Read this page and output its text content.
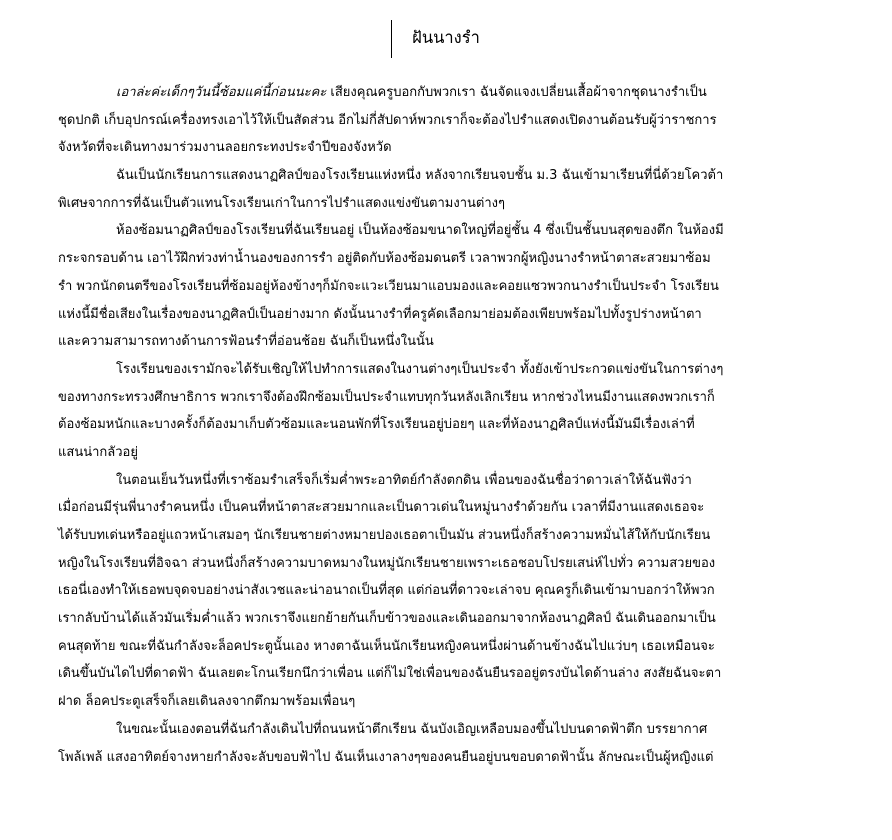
ฝันนางรำ
เอาล่ะค่ะเด็กๆวันนี้ซ้อมแค่นี้ก่อนนะคะ เสียงคุณครูบอกกับพวกเรา ฉันจัดแจงเปลี่ยนเสื้อผ้าจากชุดนางรำเป็น
ชุดปกติ เก็บอุปกรณ์เครื่องทรงเอาไว้ให้เป็นสัดส่วน อีกไม่กี่สัปดาห์พวกเราก็จะต้องไปรำแสดงเปิดงานต้อนรับผู้ว่าราชการ
จังหวัดที่จะเดินทางมาร่วมงานลอยกระทงประจำปีของจังหวัด
ฉันเป็นนักเรียนการแสดงนาฏศิลป์ของโรงเรียนแห่งหนึ่ง หลังจากเรียนจบชั้น ม.3 ฉันเข้ามาเรียนที่นี่ด้วยโควต้า
พิเศษจากการที่ฉันเป็นตัวแทนโรงเรียนเก่าในการไปรำแสดงแข่งขันตามงานต่างๆ
ห้องซ้อมนาฏศิลป์ของโรงเรียนที่ฉันเรียนอยู่ เป็นห้องซ้อมขนาดใหญ่ที่อยู่ชั้น 4 ซึ่งเป็นชั้นบนสุดของตึก ในห้องมี
กระจกรอบด้าน เอาไว้ฝึกท่วงท่าน้ำนองของการรำ อยู่ติดกับห้องซ้อมดนตรี เวลาพวกผู้หญิงนางรำหน้าตาสะสวยมาซ้อม
รำ พวกนักดนตรีของโรงเรียนที่ซ้อมอยู่ห้องข้างๆก็มักจะแวะเวียนมาแอบมองและคอยแซวพวกนางรำเป็นประจำ โรงเรียน
แห่งนี้มีชื่อเสียงในเรื่องของนาฏศิลป์เป็นอย่างมาก ดังนั้นนางรำที่ครูคัดเลือกมาย่อมต้องเพียบพร้อมไปทั้งรูปร่างหน้าตา
และความสามารถทางด้านการฟ้อนรำที่อ่อนช้อย ฉันก็เป็นหนึ่งในนั้น
โรงเรียนของเรามักจะได้รับเชิญให้ไปทำการแสดงในงานต่างๆเป็นประจำ ทั้งยังเข้าประกวดแข่งขันในการต่างๆ
ของทางกระทรวงศึกษาธิการ พวกเราจึงต้องฝึกซ้อมเป็นประจำแทบทุกวันหลังเลิกเรียน หากช่วงไหนมีงานแสดงพวกเราก็
ต้องซ้อมหนักและบางครั้งก็ต้องมาเก็บตัวซ้อมและนอนพักที่โรงเรียนอยู่บ่อยๆ และที่ห้องนาฏศิลป์แห่งนี้มันมีเรื่องเล่าที่
แสนน่ากลัวอยู่
ในตอนเย็นวันหนึ่งที่เราซ้อมรำเสร็จก็เริ่มค่ำพระอาทิตย์กำลังตกดิน เพื่อนของฉันชื่อว่าดาวเล่าให้ฉันฟังว่า
เมื่อก่อนมีรุ่นพี่นางรำคนหนึ่ง เป็นคนที่หน้าตาสะสวยมากและเป็นดาวเด่นในหมู่นางรำด้วยกัน เวลาที่มีงานแสดงเธอจะ
ได้รับบทเด่นหรืออยู่แถวหน้าเสมอๆ นักเรียนชายต่างหมายปองเธอตาเป็นมัน ส่วนหนึ่งก็สร้างความหมั่นไส้ให้กับนักเรียน
หญิงในโรงเรียนที่อิจฉา ส่วนหนึ่งก็สร้างความบาดหมางในหมู่นักเรียนชายเพราะเธอชอบโปรยเสน่ห์ไปทั่ว ความสวยของ
เธอนี่เองทำให้เธอพบจุดจบอย่างน่าสังเวชและน่าอนาถเป็นที่สุด แต่ก่อนที่ดาวจะเล่าจบ คุณครูก็เดินเข้ามาบอกว่าให้พวก
เรากลับบ้านได้แล้วมันเริ่มค่ำแล้ว พวกเราจึงแยกย้ายกันเก็บข้าวของและเดินออกมาจากห้องนาฏศิลป์ ฉันเดินออกมาเป็น
คนสุดท้าย ขณะที่ฉันกำลังจะล็อคประตูนั้นเอง หางตาฉันเห็นนักเรียนหญิงคนหนึ่งผ่านด้านข้างฉันไปแว่บๆ เธอเหมือนจะ
เดินขึ้นบันไดไปที่ดาดฟ้า ฉันเลยตะโกนเรียกนึกว่าเพื่อน แต่ก็ไม่ใช่เพื่อนของฉันยืนรออยู่ตรงบันไดด้านล่าง สงสัยฉันจะตา
ฝาด ล็อคประตูเสร็จก็เลยเดินลงจากตึกมาพร้อมเพื่อนๆ
ในขณะนั้นเองตอนที่ฉันกำลังเดินไปที่ถนนหน้าตึกเรียน ฉันบังเอิญเหลือบมองขึ้นไปบนดาดฟ้าตึก บรรยากาศ
โพล้เพล้ แสงอาทิตย์จางหายกำลังจะลับขอบฟ้าไป ฉันเห็นเงาลางๆของคนยืนอยู่บนขอบดาดฟ้านั้น ลักษณะเป็นผู้หญิงแต่
